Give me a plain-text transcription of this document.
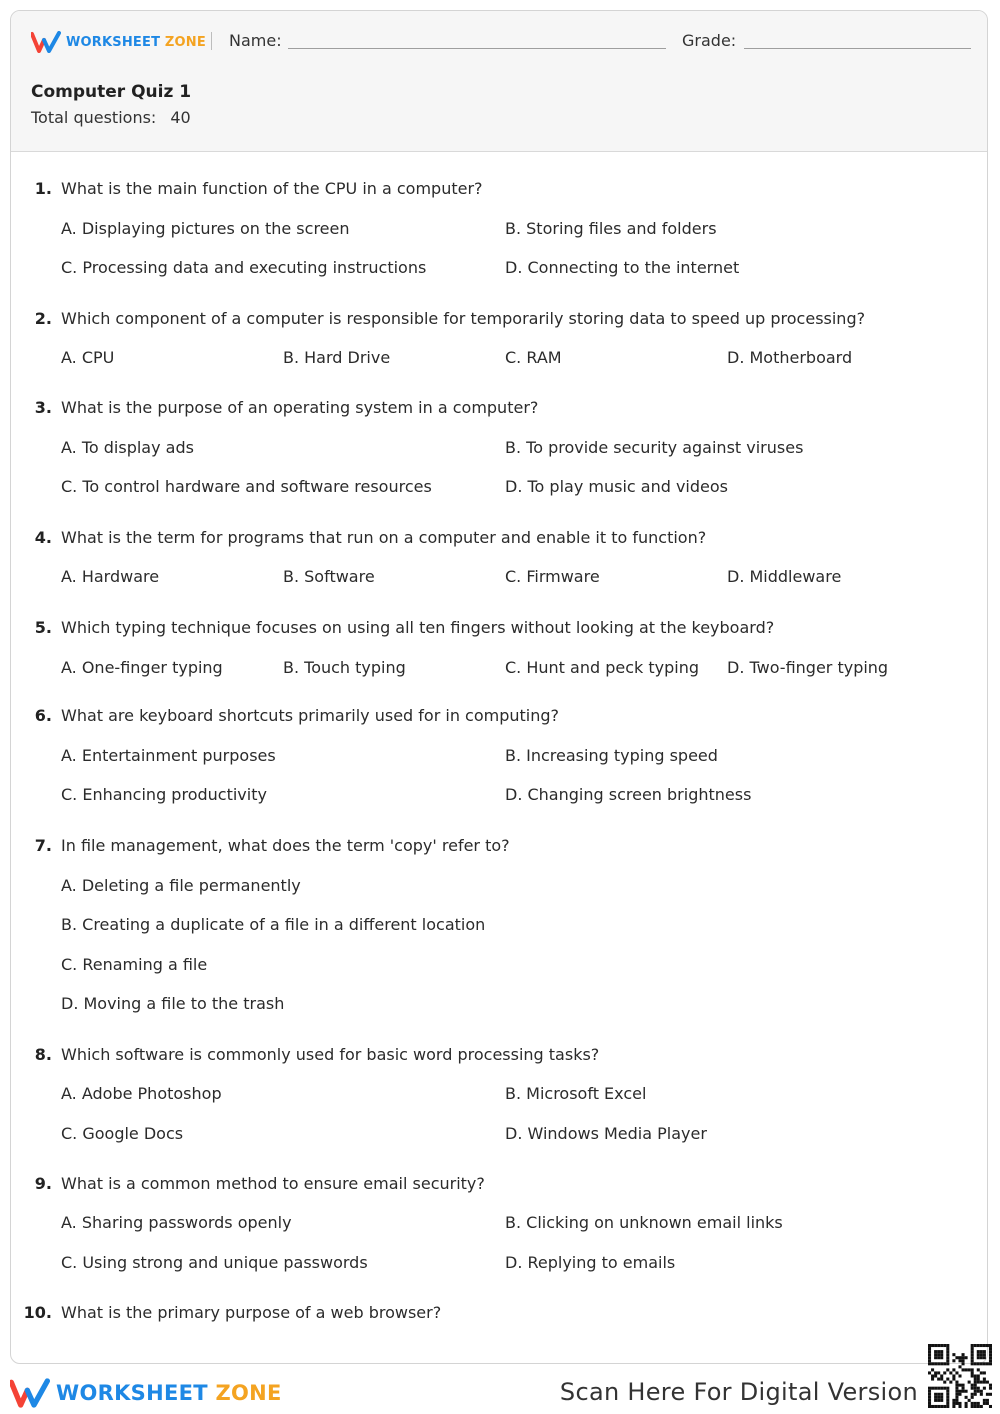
WORKSHEET ZONE Name:	Grade:
Computer Quiz 1
Total questions: 40
1. What is the main function of the CPU in a computer?
A. Displaying pictures on the screen	B. Storing files and folders
C. Processing data and executing instructions	D. Connecting to the internet
2. Which component of a computer is responsible for temporarily storing data to speed up processing?
A. CPU	B. Hard Drive	C. RAM	D. Motherboard
3. What is the purpose of an operating system in a computer?
A. To display ads	B. To provide security against viruses
C. To control hardware and software resources	D. To play music and videos
4. What is the term for programs that run on a computer and enable it to function?
A. Hardware	B. Software	C. Firmware	D. Middleware
5. Which typing technique focuses on using all ten fingers without looking at the keyboard?
A. One-finger typing	B. Touch typing	C. Hunt and peck typing D. Two-finger typing
6. What are keyboard shortcuts primarily used for in computing?
A. Entertainment purposes	B. Increasing typing speed
C. Enhancing productivity	D. Changing screen brightness
7. In file management, what does the term 'copy' refer to?
A. Deleting a file permanently
B. Creating a duplicate of a file in a different location
C. Renaming a file
D. Moving a file to the trash
8. Which software is commonly used for basic word processing tasks?
A. Adobe Photoshop	B. Microsoft Excel
C. Google Docs	D. Windows Media Player
9. What is a common method to ensure email security?
A. Sharing passwords openly	B. Clicking on unknown email links
C. Using strong and unique passwords	D. Replying to emails
10. What is the primary purpose of a web browser?
WORKSHEET ZONE	Scan Here For Digital Version
